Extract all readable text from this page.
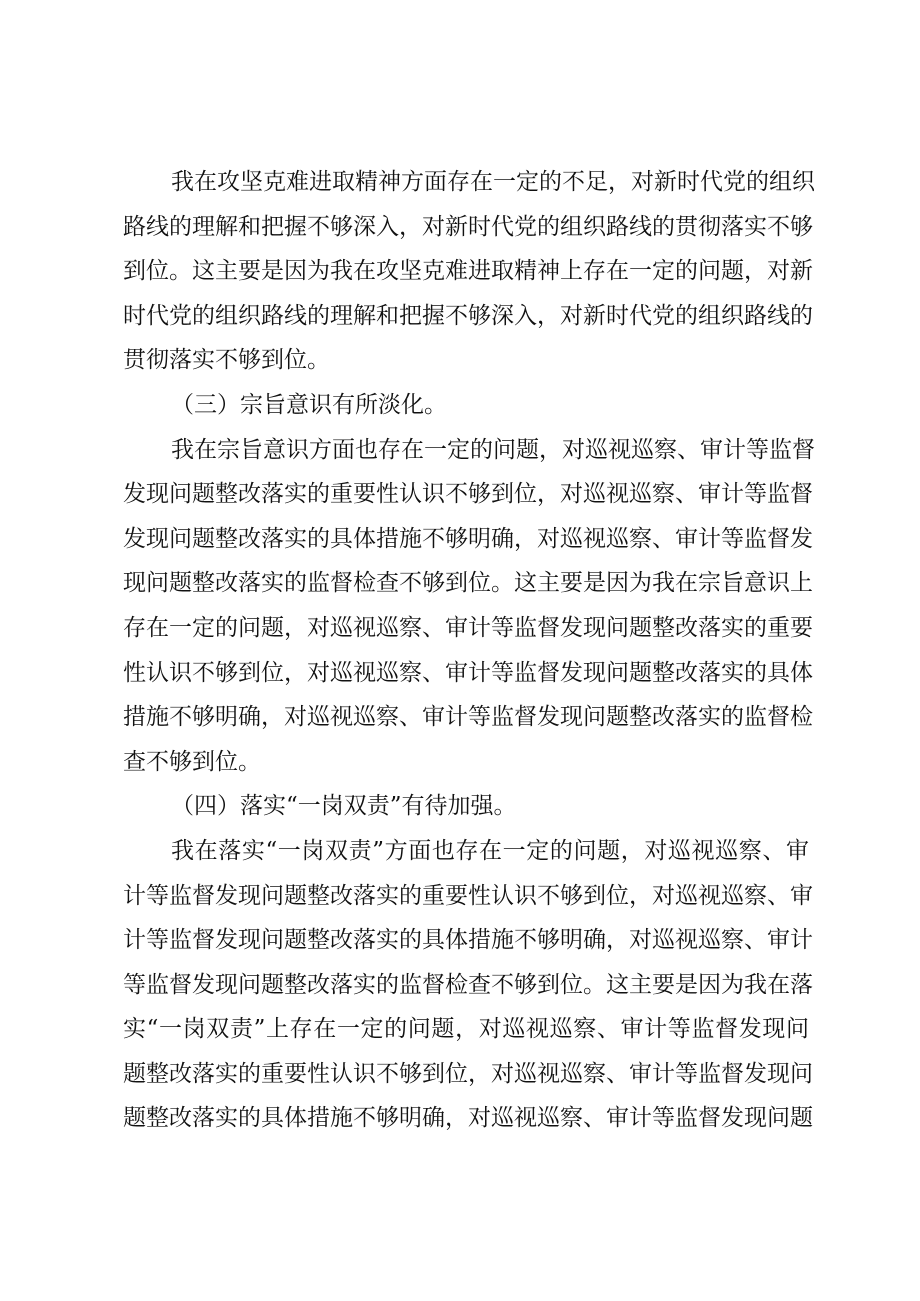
我在攻坚克难进取精神方面存在一定的不足，对新时代党的组织
路线的理解和把握不够深入，对新时代党的组织路线的贯彻落实不够
到位。这主要是因为我在攻坚克难进取精神上存在一定的问题，对新
时代党的组织路线的理解和把握不够深入，对新时代党的组织路线的
贯彻落实不够到位。
（三）宗旨意识有所淡化。
我在宗旨意识方面也存在一定的问题，对巡视巡察、审计等监督
发现问题整改落实的重要性认识不够到位，对巡视巡察、审计等监督
发现问题整改落实的具体措施不够明确，对巡视巡察、审计等监督发
现问题整改落实的监督检查不够到位。这主要是因为我在宗旨意识上
存在一定的问题，对巡视巡察、审计等监督发现问题整改落实的重要
性认识不够到位，对巡视巡察、审计等监督发现问题整改落实的具体
措施不够明确，对巡视巡察、审计等监督发现问题整改落实的监督检
查不够到位。
（四）落实“一岗双责”有待加强。
我在落实“一岗双责”方面也存在一定的问题，对巡视巡察、审
计等监督发现问题整改落实的重要性认识不够到位，对巡视巡察、审
计等监督发现问题整改落实的具体措施不够明确，对巡视巡察、审计
等监督发现问题整改落实的监督检查不够到位。这主要是因为我在落
实“一岗双责”上存在一定的问题，对巡视巡察、审计等监督发现问
题整改落实的重要性认识不够到位，对巡视巡察、审计等监督发现问
题整改落实的具体措施不够明确，对巡视巡察、审计等监督发现问题
